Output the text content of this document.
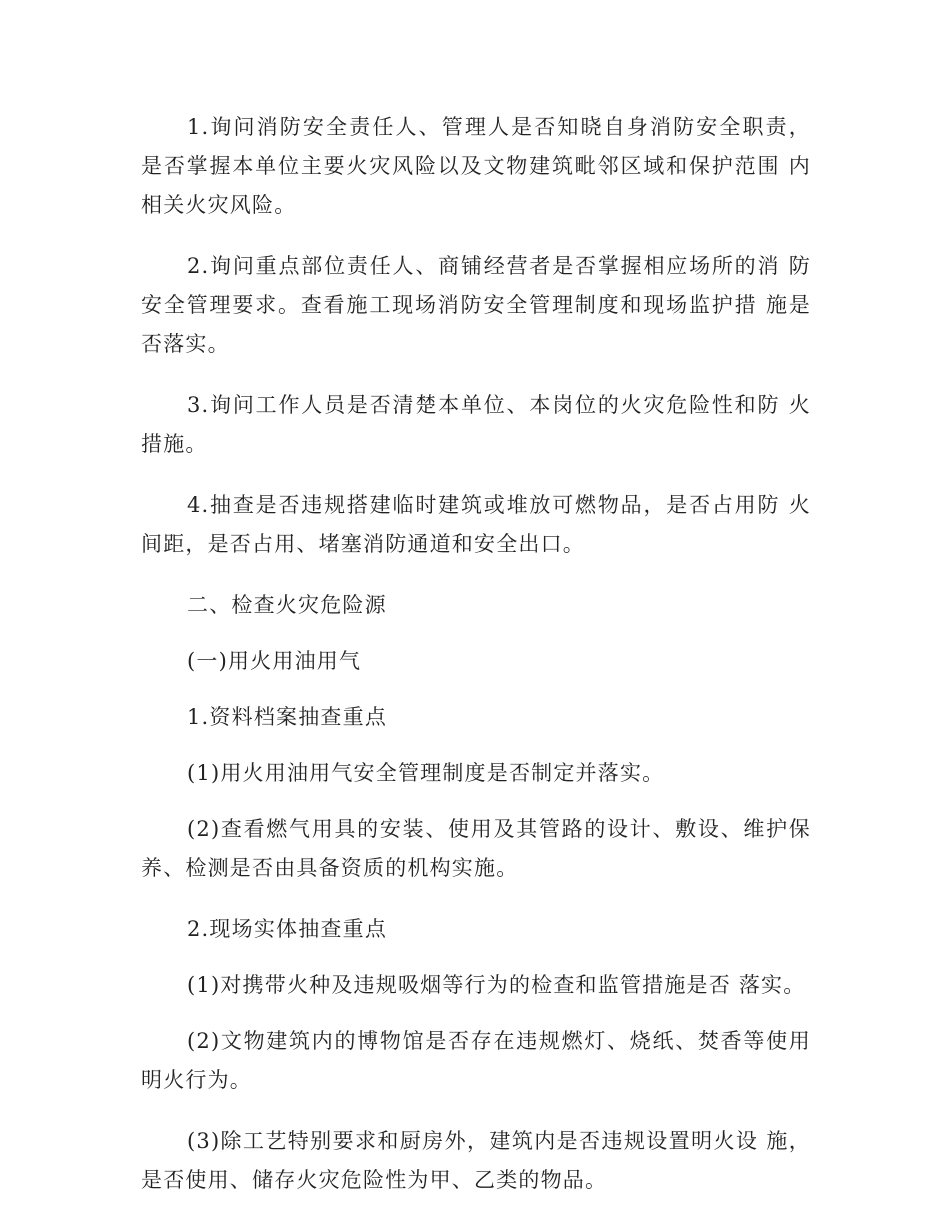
1.询问消防安全责任人、管理人是否知晓自身消防安全职责， 是否掌握本单位主要火灾风险以及文物建筑毗邻区域和保护范围 内相关火灾风险。

2.询问重点部位责任人、商铺经营者是否掌握相应场所的消 防安全管理要求。查看施工现场消防安全管理制度和现场监护措 施是否落实。

3.询问工作人员是否清楚本单位、本岗位的火灾危险性和防 火措施。

4.抽查是否违规搭建临时建筑或堆放可燃物品，是否占用防 火间距，是否占用、堵塞消防通道和安全出口。

二、检查火灾危险源

(一)用火用油用气

1.资料档案抽查重点

(1)用火用油用气安全管理制度是否制定并落实。

(2)查看燃气用具的安装、使用及其管路的设计、敷设、维护保养、检测是否由具备资质的机构实施。

2.现场实体抽查重点

(1)对携带火种及违规吸烟等行为的检查和监管措施是否 落实。

(2)文物建筑内的博物馆是否存在违规燃灯、烧纸、焚香等使用明火行为。

(3)除工艺特别要求和厨房外，建筑内是否违规设置明火设 施，是否使用、储存火灾危险性为甲、乙类的物品。
